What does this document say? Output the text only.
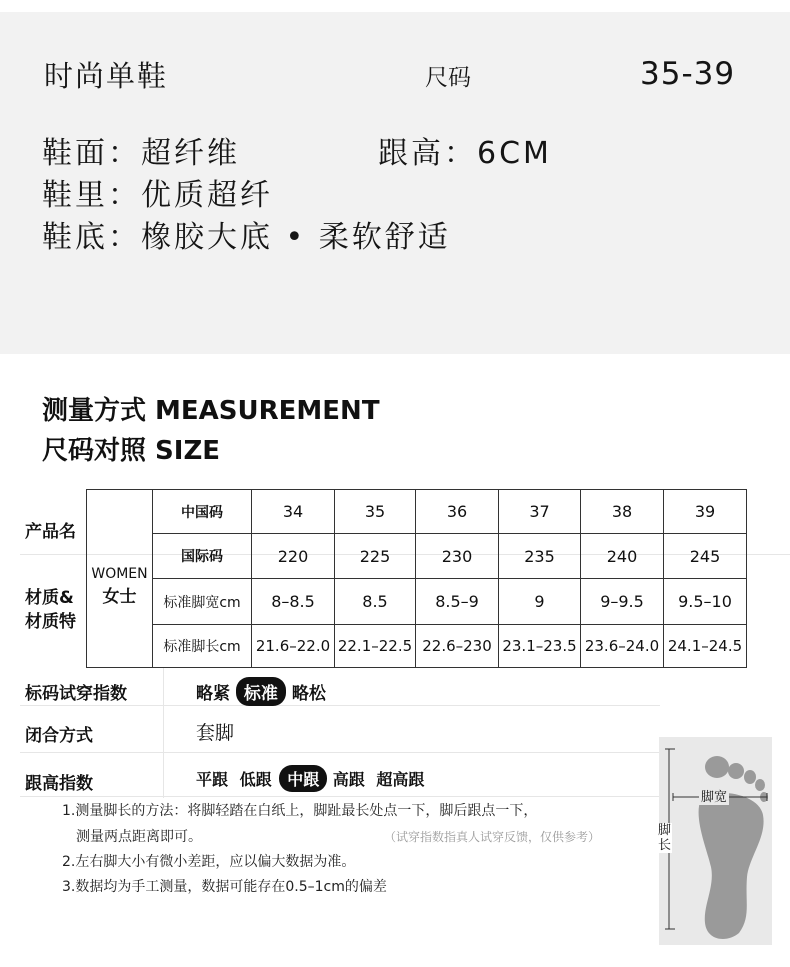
时尚单鞋	尺码	35-39
鞋面：超纤维	跟高：6CM
鞋里：优质超纤
鞋底：橡胶大底 • 柔软舒适
测量方式 MEASUREMENT
尺码对照 SIZE
产品名
材质&
材质特
WOMEN
女士
中国码	34	35	36	37	38	39
国际码	220	225	230	235	240	245
标准脚宽cm	8–8.5	8.5	8.5–9	9	9–9.5	9.5–10
标准脚长cm	21.6–22.0 22.1–22.5 22.6–230 23.1–23.5 23.6–24.0 24.1–24.5
标码试穿指数	略紧 标准 略松
闭合方式	套脚
跟高指数	平跟 低跟 中跟 高跟 超高跟
1.测量脚长的方法：将脚轻踏在白纸上，脚趾最长处点一下，脚后跟点一下，
测量两点距离即可。	（试穿指数指真人试穿反馈，仅供参考）
2.左右脚大小有微小差距，应以偏大数据为准。
3.数据均为手工测量，数据可能存在0.5–1cm的偏差
脚宽
脚长
